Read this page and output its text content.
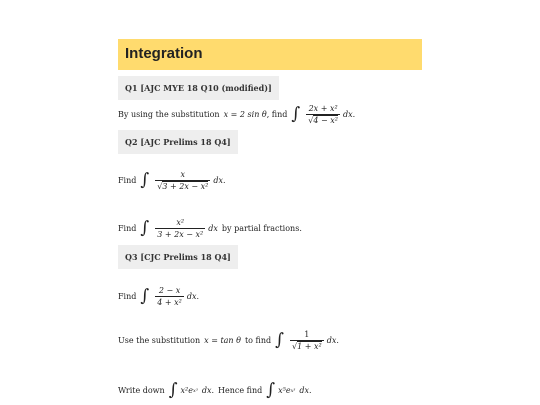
Integration
Q1 [AJC MYE 18 Q10 (modified)]
By using the substitution x = 2 sin θ , find ∫ $\frac{\text{2x + x²}}{\text{√4 − x²}}$ dx.
Q2 [AJC Prelims 18 Q4]
Find ∫ $\frac{x}{\text{√3 + 2x − x²}}$ dx.
Find ∫ $\frac{\text{x²}}{\text{3 + 2x − x²}}$ dx by partial fractions.
Q3 [CJC Prelims 18 Q4]
Find ∫ $\frac{2 - x}{\text{4 + x²}}$ dx.
Use the substitution x = tan θ to find ∫ $\frac{1}{\text{√1 + x²}}$ dx.
Write down ∫ x²e x³ dx. Hence find ∫ x⁵e x³ dx.
